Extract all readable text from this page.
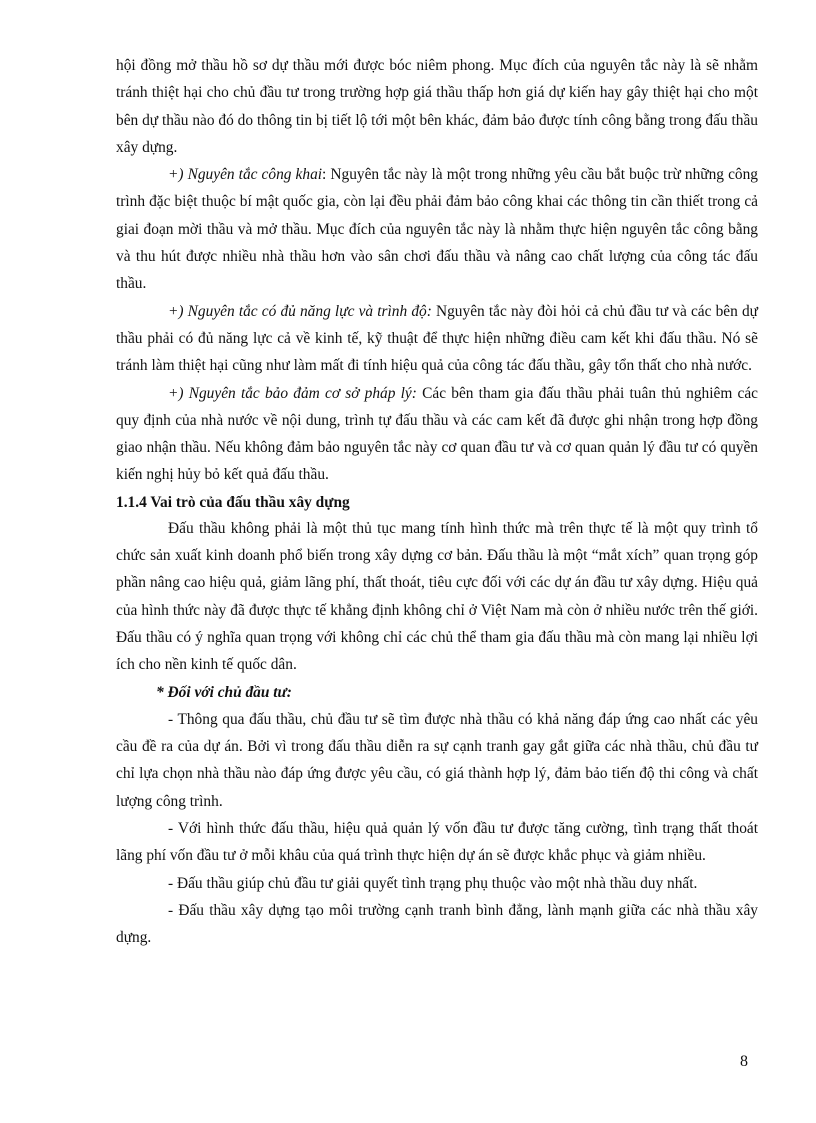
hội đồng mở thầu hồ sơ dự thầu mới được bóc niêm phong. Mục đích của nguyên tắc này là sẽ nhằm tránh thiệt hại cho chủ đầu tư trong trường hợp giá thầu thấp hơn giá dự kiến hay gây thiệt hại cho một bên dự thầu nào đó do thông tin bị tiết lộ tới một bên khác, đảm bảo được tính công bằng trong đấu thầu xây dựng.

+) Nguyên tắc công khai: Nguyên tắc này là một trong những yêu cầu bắt buộc trừ những công trình đặc biệt thuộc bí mật quốc gia, còn lại đều phải đảm bảo công khai các thông tin cần thiết trong cả giai đoạn mời thầu và mở thầu. Mục đích của nguyên tắc này là nhằm thực hiện nguyên tắc công bằng và thu hút được nhiều nhà thầu hơn vào sân chơi đấu thầu và nâng cao chất lượng của công tác đấu thầu.

+) Nguyên tắc có đủ năng lực và trình độ: Nguyên tắc này đòi hỏi cả chủ đầu tư và các bên dự thầu phải có đủ năng lực cả về kinh tế, kỹ thuật để thực hiện những điều cam kết khi đấu thầu. Nó sẽ tránh làm thiệt hại cũng như làm mất đi tính hiệu quả của công tác đấu thầu, gây tổn thất cho nhà nước.

+) Nguyên tắc bảo đảm cơ sở pháp lý: Các bên tham gia đấu thầu phải tuân thủ nghiêm các quy định của nhà nước về nội dung, trình tự đấu thầu và các cam kết đã được ghi nhận trong hợp đồng giao nhận thầu. Nếu không đảm bảo nguyên tắc này cơ quan đầu tư và cơ quan quản lý đầu tư có quyền kiến nghị hủy bỏ kết quả đấu thầu.

1.1.4 Vai trò của đấu thầu xây dựng

Đấu thầu không phải là một thủ tục mang tính hình thức mà trên thực tế là một quy trình tổ chức sản xuất kinh doanh phổ biến trong xây dựng cơ bản. Đấu thầu là một “mắt xích” quan trọng góp phần nâng cao hiệu quả, giảm lãng phí, thất thoát, tiêu cực đối với các dự án đầu tư xây dựng. Hiệu quả của hình thức này đã được thực tế khẳng định không chỉ ở Việt Nam mà còn ở nhiều nước trên thế giới. Đấu thầu có ý nghĩa quan trọng với không chỉ các chủ thể tham gia đấu thầu mà còn mang lại nhiều lợi ích cho nền kinh tế quốc dân.

* Đối với chủ đầu tư:

- Thông qua đấu thầu, chủ đầu tư sẽ tìm được nhà thầu có khả năng đáp ứng cao nhất các yêu cầu đề ra của dự án. Bởi vì trong đấu thầu diễn ra sự cạnh tranh gay gắt giữa các nhà thầu, chủ đầu tư chỉ lựa chọn nhà thầu nào đáp ứng được yêu cầu, có giá thành hợp lý, đảm bảo tiến độ thi công và chất lượng công trình.

- Với hình thức đấu thầu, hiệu quả quản lý vốn đầu tư được tăng cường, tình trạng thất thoát lãng phí vốn đầu tư ở mỗi khâu của quá trình thực hiện dự án sẽ được khắc phục và giảm nhiều.

- Đấu thầu giúp chủ đầu tư giải quyết tình trạng phụ thuộc vào một nhà thầu duy nhất.

- Đấu thầu xây dựng tạo môi trường cạnh tranh bình đẳng, lành mạnh giữa các nhà thầu xây dựng.

8
